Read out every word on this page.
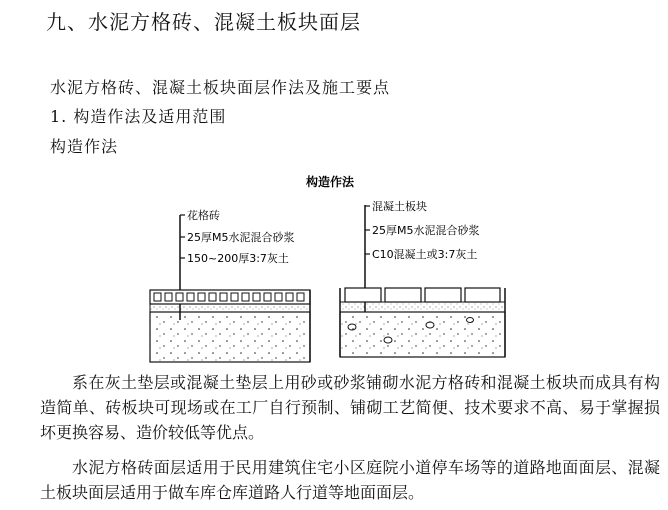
九、水泥方格砖、混凝土板块面层
水泥方格砖、混凝土板块面层作法及施工要点
1. 构造作法及适用范围
构造作法
构造作法
花格砖
25厚M5水泥混合砂浆
150~200厚3:7灰土
混凝土板块
25厚M5水泥混合砂浆
C10混凝土或3:7灰土
系在灰土垫层或混凝土垫层上用砂或砂浆铺砌水泥方格砖和混凝土板块而成具有构造简单、砖板块可现场或在工厂自行预制、铺砌工艺简便、技术要求不高、易于掌握损坏更换容易、造价较低等优点。
水泥方格砖面层适用于民用建筑住宅小区庭院小道停车场等的道路地面面层、混凝土板块面层适用于做车库仓库道路人行道等地面面层。
